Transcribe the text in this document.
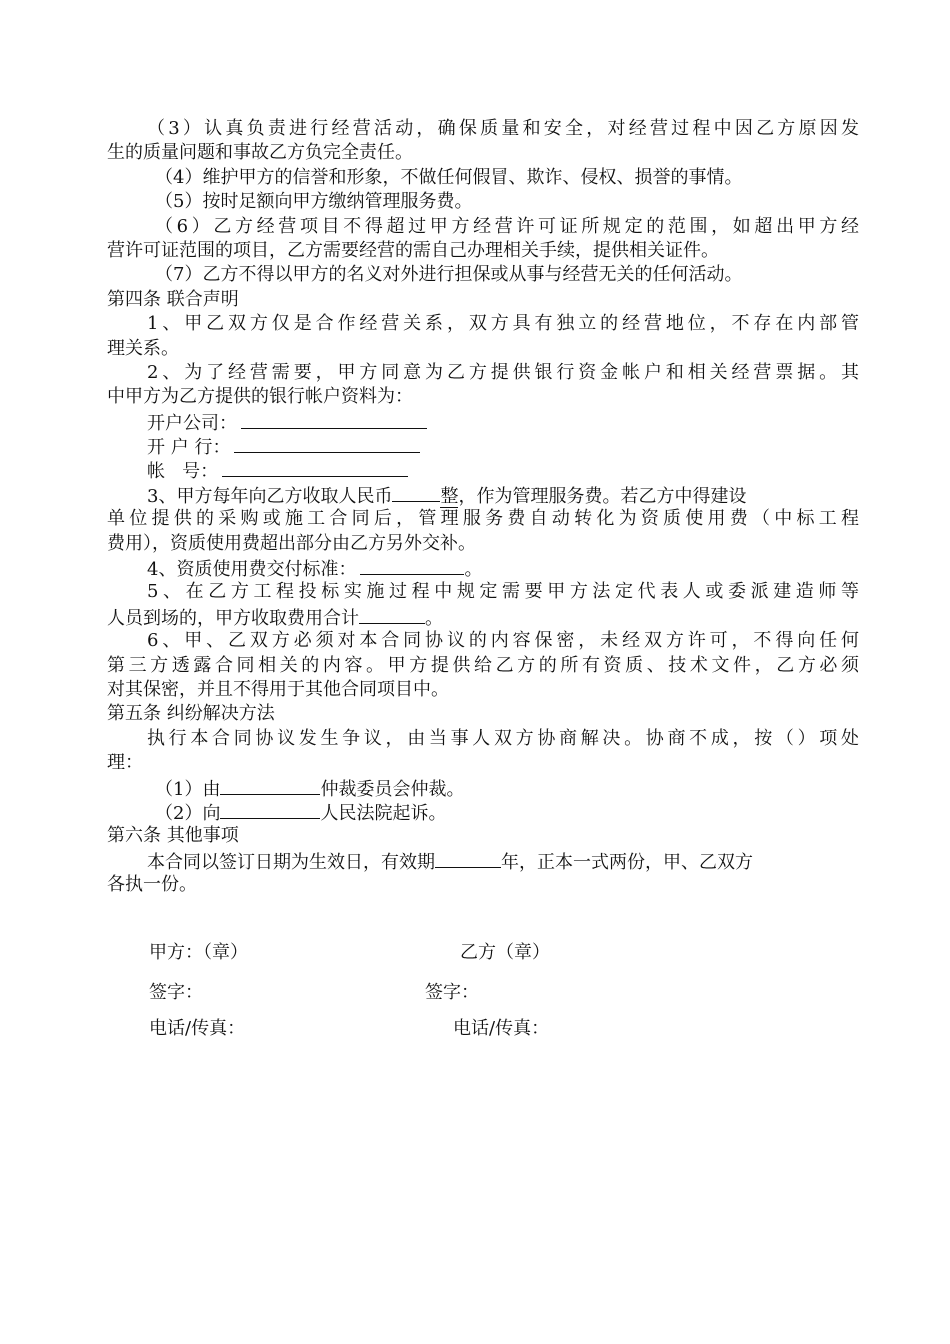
（3）认真负责进行经营活动，确保质量和安全，对经营过程中因乙方原因发
生的质量问题和事故乙方负完全责任。
（4）维护甲方的信誉和形象，不做任何假冒、欺诈、侵权、损誉的事情。
（5）按时足额向甲方缴纳管理服务费。
（6）乙方经营项目不得超过甲方经营许可证所规定的范围，如超出甲方经
营许可证范围的项目，乙方需要经营的需自己办理相关手续，提供相关证件。
（7）乙方不得以甲方的名义对外进行担保或从事与经营无关的任何活动。
第四条 联合声明
1、甲乙双方仅是合作经营关系，双方具有独立的经营地位，不存在内部管
理关系。
2、为了经营需要，甲方同意为乙方提供银行资金帐户和相关经营票据。其
中甲方为乙方提供的银行帐户资料为：
开户公司：
开 户 行：
帐   号：
3、甲方每年向乙方收取人民币	整，作为管理服务费。若乙方中得建设
单位提供的采购或施工合同后，管理服务费自动转化为资质使用费（中标工程
费用），资质使用费超出部分由乙方另外交补。
4、资质使用费交付标准：	。
5、在乙方工程投标实施过程中规定需要甲方法定代表人或委派建造师等
人员到场的，甲方收取费用合计	。
6、甲、乙双方必须对本合同协议的内容保密，未经双方许可，不得向任何
第三方透露合同相关的内容。甲方提供给乙方的所有资质、技术文件，乙方必须
对其保密，并且不得用于其他合同项目中。
第五条 纠纷解决方法
执行本合同协议发生争议，由当事人双方协商解决。协商不成，按（）项处
理：
（1）由	仲裁委员会仲裁。
（2）向	人民法院起诉。
第六条 其他事项
本合同以签订日期为生效日，有效期	年，正本一式两份，甲、乙双方
各执一份。
甲方：（章）	乙方（章）
签字：	签字：
电话/传真：	电话/传真：
